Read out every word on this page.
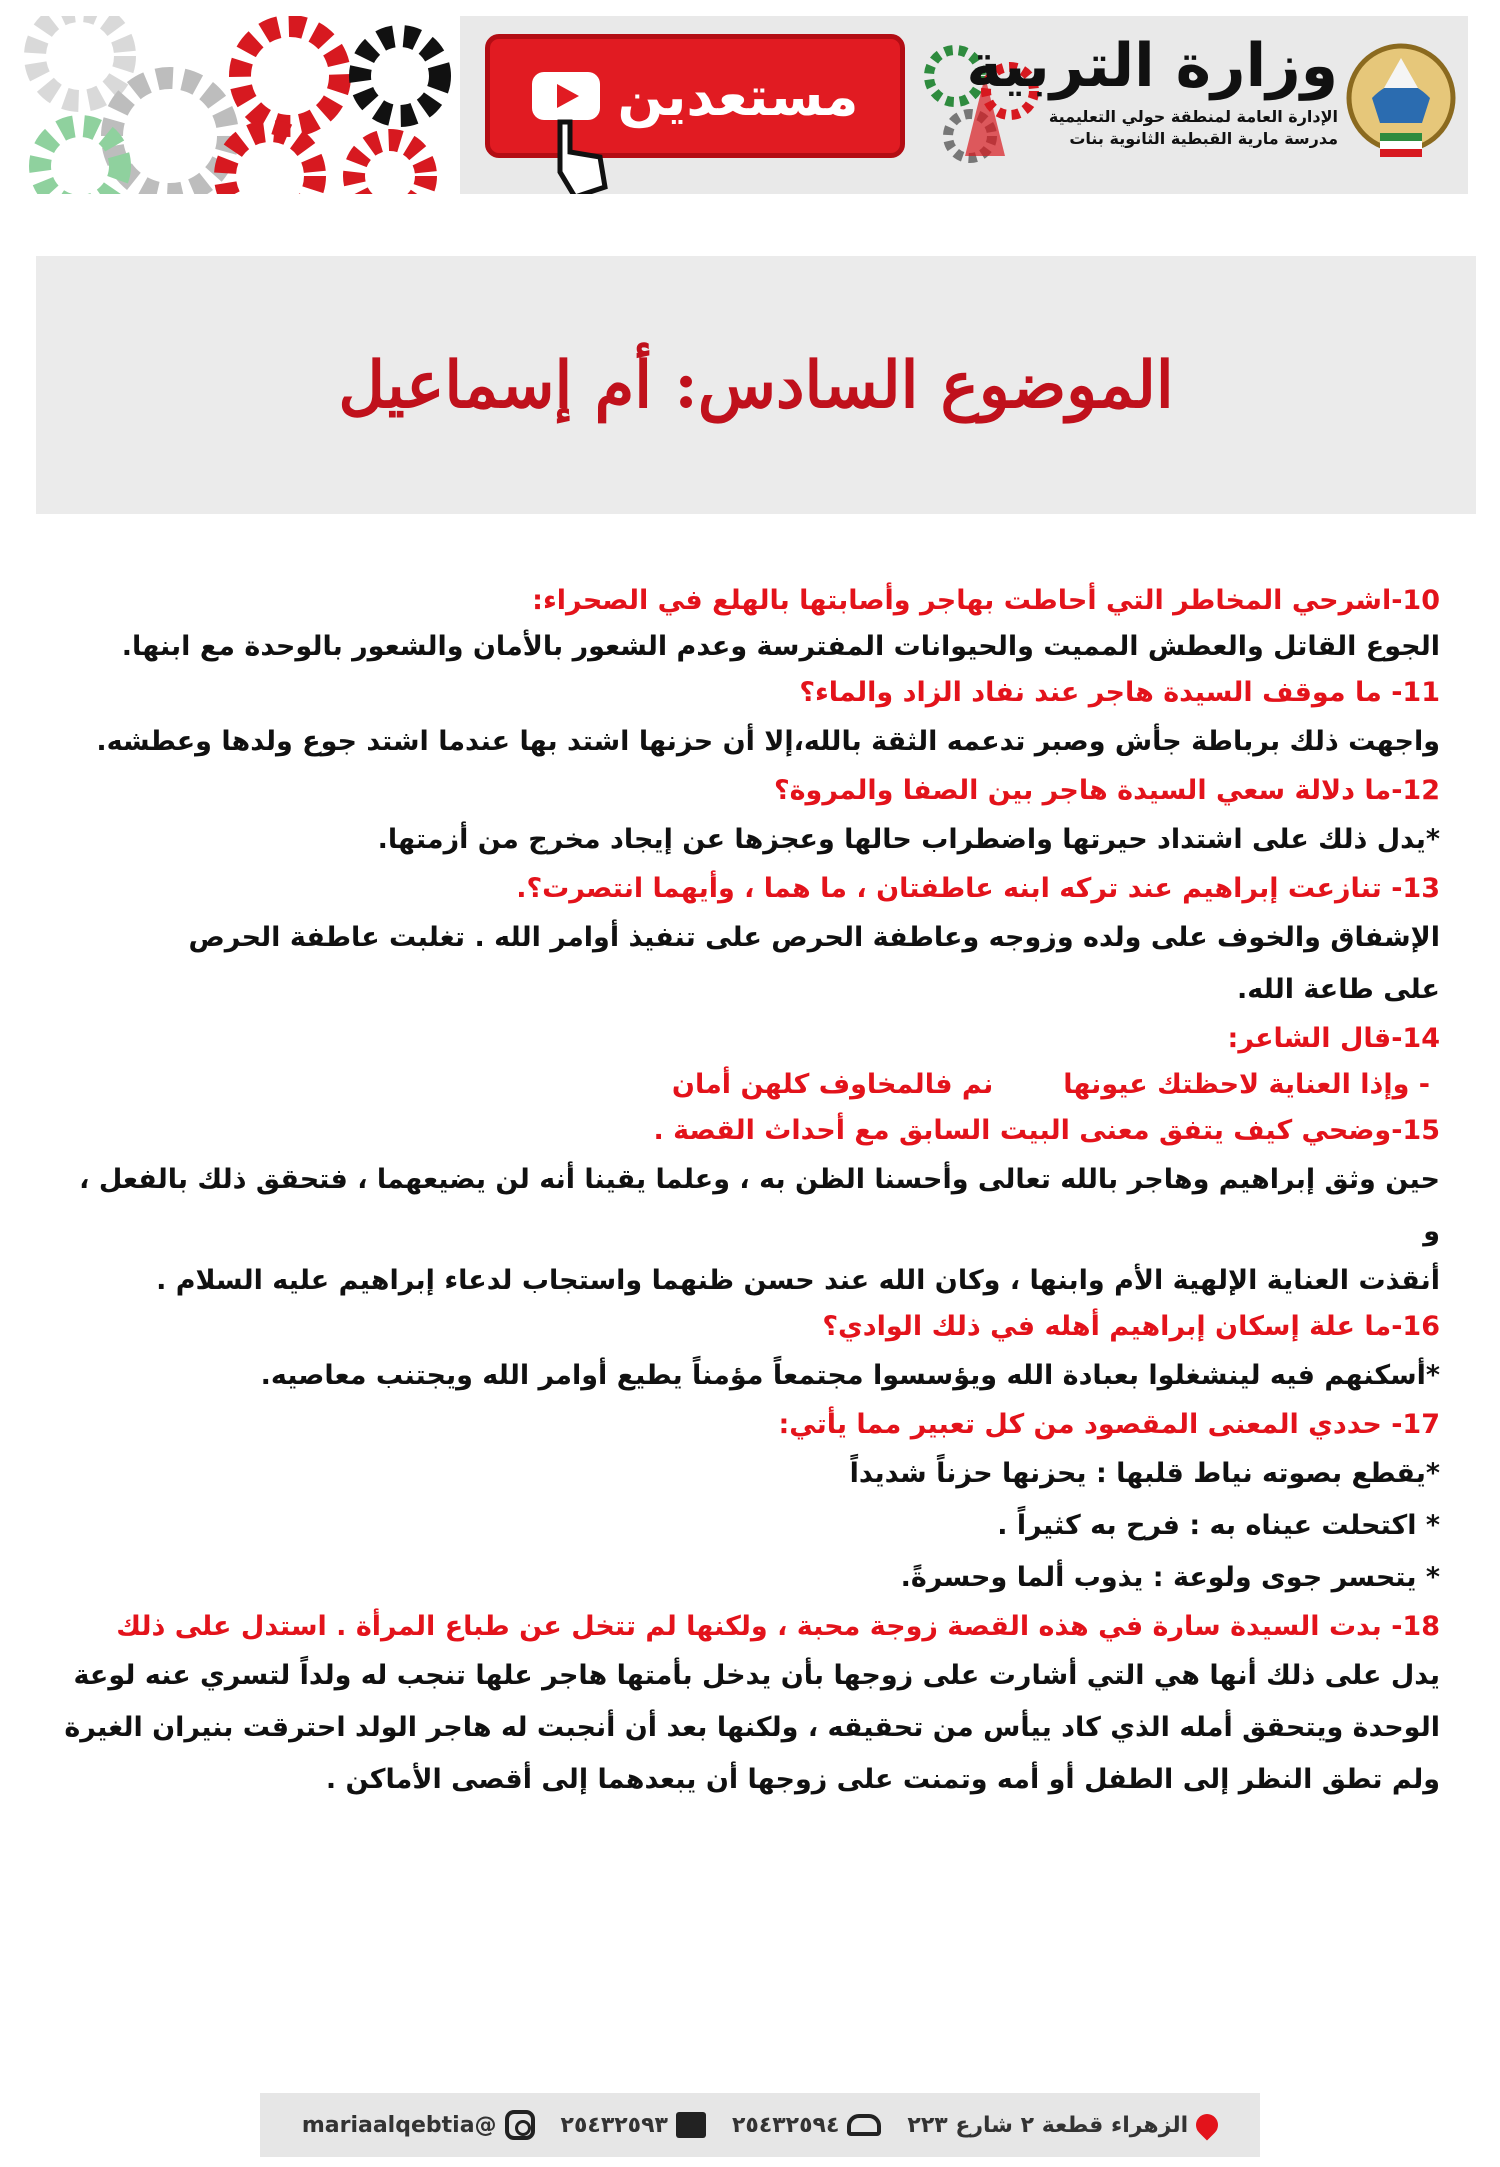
مستعدين	وزارة التربية
الإدارة العامة لمنطقة حولي التعليمية
مدرسة مارية القبطية الثانوية بنات
الموضوع السادس: أم إسماعيل

10-اشرحي المخاطر التي أحاطت بهاجر وأصابتها بالهلع في الصحراء:

الجوع القاتل والعطش المميت والحيوانات المفترسة وعدم الشعور بالأمان والشعور بالوحدة مع ابنها.

11- ما موقف السيدة هاجر عند نفاد الزاد والماء؟

واجهت ذلك برباطة جأش وصبر تدعمه الثقة بالله،إلا أن حزنها اشتد بها عندما اشتد جوع ولدها وعطشه.

12-ما دلالة سعي السيدة هاجر بين الصفا والمروة؟

*يدل ذلك على اشتداد حيرتها واضطراب حالها وعجزها عن إيجاد مخرج من أزمتها.

13- تنازعت إبراهيم عند تركه ابنه عاطفتان ، ما هما ، وأيهما انتصرت؟.

الإشفاق والخوف على ولده وزوجه وعاطفة الحرص على تنفيذ أوامر الله . تغلبت عاطفة الحرص

على طاعة الله.

14-قال الشاعر:

- وإذا العناية لاحظتك عيونها
نم فالمخاوف كلهن أمان

15-وضحي كيف يتفق معنى البيت السابق مع أحداث القصة .

حين وثق إبراهيم وهاجر بالله تعالى وأحسنا الظن به ، وعلما يقينا أنه لن يضيعهما ، فتحقق ذلك بالفعل ، و

أنقذت العناية الإلهية الأم وابنها ، وكان الله عند حسن ظنهما واستجاب لدعاء إبراهيم عليه السلام .

16-ما علة إسكان إبراهيم أهله في ذلك الوادي؟

*أسكنهم فيه لينشغلوا بعبادة الله ويؤسسوا مجتمعاً مؤمناً يطيع أوامر الله ويجتنب معاصيه.

17- حددي المعنى المقصود من كل تعبير مما يأتي:

*يقطع بصوته نياط قلبها : يحزنها حزناً شديداً

* اكتحلت عيناه به : فرح به كثيراً .

* يتحسر جوى ولوعة : يذوب ألما وحسرةً.

18- بدت السيدة سارة في هذه القصة زوجة محبة ، ولكنها لم تتخل عن طباع المرأة . استدل على ذلك

يدل على ذلك أنها هي التي أشارت على زوجها بأن يدخل بأمتها هاجر علها تنجب له ولداً لتسري عنه لوعة

الوحدة ويتحقق أمله الذي كاد ييأس من تحقيقه ، ولكنها بعد أن أنجبت له هاجر الولد احترقت بنيران الغيرة

ولم تطق النظر إلى الطفل أو أمه وتمنت على زوجها أن يبعدهما إلى أقصى الأماكن .

الزهراء قطعة ٢ شارع ٢٢٣
٢٥٤٣٢٥٩٤
٢٥٤٣٢٥٩٣
@mariaalqebtia
